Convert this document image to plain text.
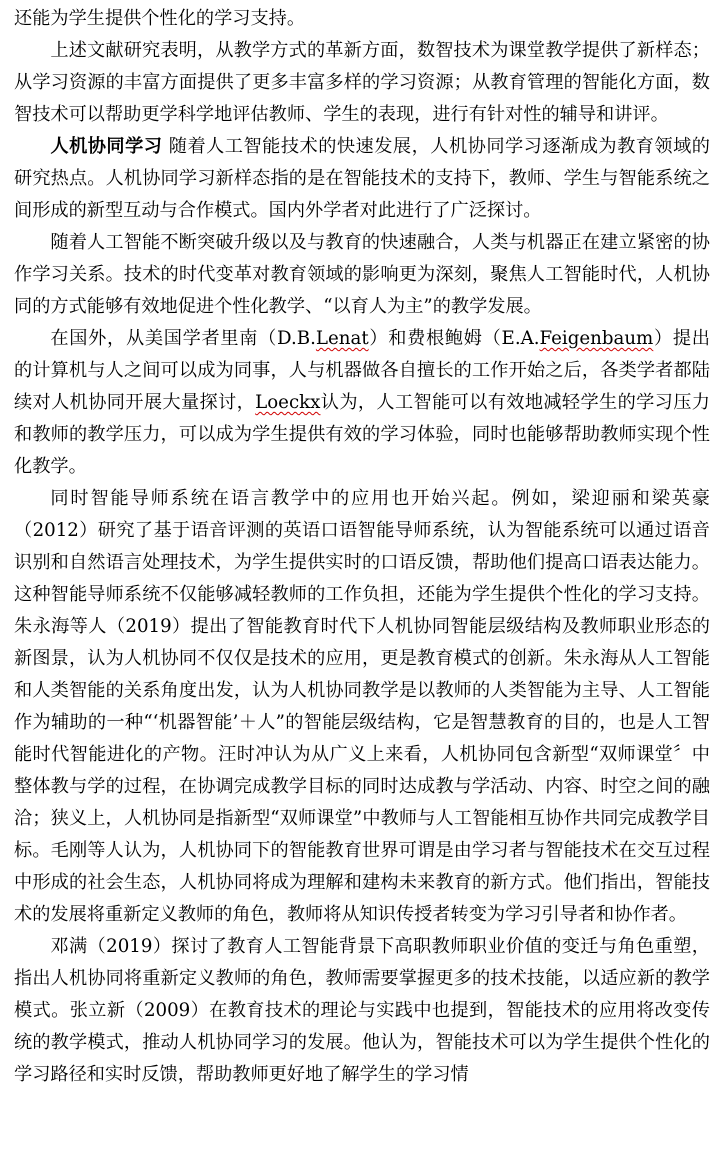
还能为学生提供个性化的学习支持。

上述文献研究表明，从教学方式的革新方面，数智技术为课堂教学提供了新样态；从学习资源的丰富方面提供了更多丰富多样的学习资源；从教育管理的智能化方面，数智技术可以帮助更学科学地评估教师、学生的表现，进行有针对性的辅导和讲评。

人机协同学习 随着人工智能技术的快速发展，人机协同学习逐渐成为教育领域的研究热点。人机协同学习新样态指的是在智能技术的支持下，教师、学生与智能系统之间形成的新型互动与合作模式。国内外学者对此进行了广泛探讨。

随着人工智能不断突破升级以及与教育的快速融合，人类与机器正在建立紧密的协作学习关系。技术的时代变革对教育领域的影响更为深刻，聚焦人工智能时代，人机协同的方式能够有效地促进个性化教学、“以育人为主”的教学发展。

在国外，从美国学者里南（D.B.Lenat）和费根鲍姆（E.A.Feigenbaum）提出的计算机与人之间可以成为同事，人与机器做各自擅长的工作开始之后，各类学者都陆续对人机协同开展大量探讨，Loeckx认为，人工智能可以有效地减轻学生的学习压力和教师的教学压力，可以成为学生提供有效的学习体验，同时也能够帮助教师实现个性化教学。

同时智能导师系统在语言教学中的应用也开始兴起。例如，梁迎丽和梁英豪（2012）研究了基于语音评测的英语口语智能导师系统，认为智能系统可以通过语音识别和自然语言处理技术，为学生提供实时的口语反馈，帮助他们提高口语表达能力。这种智能导师系统不仅能够减轻教师的工作负担，还能为学生提供个性化的学习支持。朱永海等人（2019）提出了智能教育时代下人机协同智能层级结构及教师职业形态的新图景，认为人机协同不仅仅是技术的应用，更是教育模式的创新。朱永海从人工智能和人类智能的关系角度出发，认为人机协同教学是以教师的人类智能为主导、人工智能作为辅助的一种“‘机器智能’＋人”的智能层级结构，它是智慧教育的目的，也是人工智能时代智能进化的产物。汪时冲认为从广义上来看，人机协同包含新型“双师课堂〞中整体教与学的过程，在协调完成教学目标的同时达成教与学活动、内容、时空之间的融洽；狭义上，人机协同是指新型“双师课堂”中教师与人工智能相互协作共同完成教学目标。毛刚等人认为，人机协同下的智能教育世界可谓是由学习者与智能技术在交互过程中形成的社会生态，人机协同将成为理解和建构未来教育的新方式。他们指出，智能技术的发展将重新定义教师的角色，教师将从知识传授者转变为学习引导者和协作者。

邓满（2019）探讨了教育人工智能背景下高职教师职业价值的变迁与角色重塑，指出人机协同将重新定义教师的角色，教师需要掌握更多的技术技能，以适应新的教学模式。张立新（2009）在教育技术的理论与实践中也提到，智能技术的应用将改变传统的教学模式，推动人机协同学习的发展。他认为，智能技术可以为学生提供个性化的学习路径和实时反馈，帮助教师更好地了解学生的学习情
